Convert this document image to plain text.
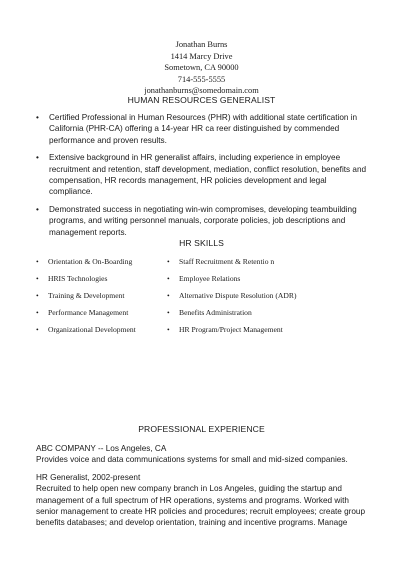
Jonathan Burns
1414 Marcy Drive
Sometown, CA 90000
714-555-5555
jonathanburns@somedomain.com
HUMAN RESOURCES GENERALIST
• Certified Professional in Human Resources (PHR) with additional state certification in
California (PHR-CA) offering a 14-year HR ca reer distinguished by commended
performance and proven results.
• Extensive background in HR generalist affairs, including experience in employee
recruitment and retention, staff development, mediation, conflict resolution, benefits and
compensation, HR records management, HR policies development and legal
compliance.
• Demonstrated success in negotiating win-win compromises, developing teambuilding
programs, and writing personnel manuals, corporate policies, job descriptions and
management reports.
HR SKILLS
• Orientation & On-Boarding
• HRIS Technologies
• Training & Development
• Performance Management
• Organizational Development
• Staff Recruitment & Retentio n
• Employee Relations
• Alternative Dispute Resolution (ADR)
• Benefits Administration
• HR Program/Project Management
PROFESSIONAL EXPERIENCE
ABC COMPANY -- Los Angeles, CA
Provides voice and data communications systems for small and mid-sized companies.
HR Generalist, 2002-present
Recruited to help open new company branch in Los Angeles, guiding the startup and
management of a full spectrum of HR operations, systems and programs. Worked with
senior management to create HR policies and procedures; recruit employees; create group
benefits databases; and develop orientation, training and incentive programs. Manage
